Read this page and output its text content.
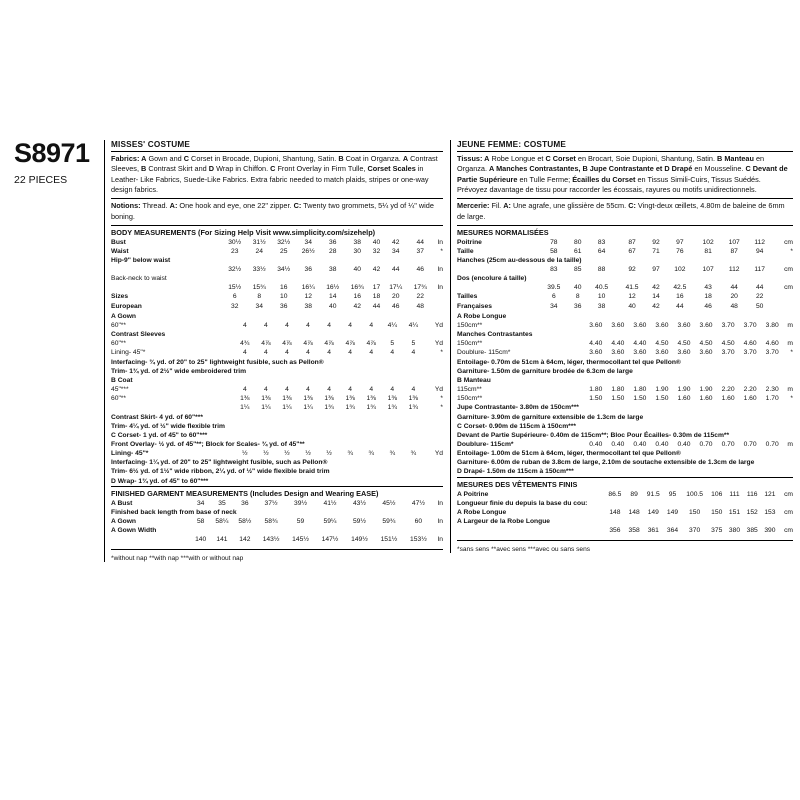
S8971
22 PIECES
MISSES' COSTUME
Fabrics: A Gown and C Corset in Brocade, Dupioni, Shantung, Satin. B Coat in Organza. A Contrast Sleeves, B Contrast Skirt and D Wrap in Chiffon. C Front Overlay in Firm Tulle, Corset Scales in Leather- Like Fabrics, Suede-Like Fabrics. Extra fabric needed to match plaids, stripes or one-way design fabrics.
Notions: Thread. A: One hook and eye, one 22" zipper. C: Twenty two grommets, 5¼ yd of ¼" wide boning.
BODY MEASUREMENTS (For Sizing Help Visit www.simplicity.com/sizehelp)
Bust	30½	31½	32½	34	36	38	40	42	44	In
Waist	23	24	25	26½	28	30	32	34	37	*
Hip-9" below waist										
	32½	33½	34½	36	38	40	42	44	46	In
Back-neck to waist										
	15½	15¾	16	16¼	16½	16¾	17	17¼	17¾	In
Sizes	6	8	10	12	14	16	18	20	22	
European	32	34	36	38	40	42	44	46	48	
A Gown										
60"**	4	4	4	4	4	4	4	4¼	4¼	Yd
Contrast Sleeves										
60"**	4¾	4⅞	4⅞	4⅞	4⅞	4⅞	4⅞	5	5	Yd
Lining- 45"*	4	4	4	4	4	4	4	4	4	*
Interfacing- ¾ yd. of 20" to 25" lightweight fusible, such as Pellon®										
Trim- 1¾ yd. of 2½" wide embroidered trim										
B Coat										
45"***	4	4	4	4	4	4	4	4	4	Yd
60"**	1⅜	1⅜	1⅜	1⅜	1⅜	1⅜	1⅜	1⅜	1⅜	*
	1¼	1¼	1¼	1¼	1¾	1¾	1¾	1¾	1¾	*
Contrast Skirt- 4 yd. of 60"***										
Trim- 4¼ yd. of ½" wide flexible trim										
C Corset- 1 yd. of 45" to 60"***										
Front Overlay- ½ yd. of 45"**; Block for Scales- ¾ yd. of 45"**										
Lining- 45"*	½	½	½	½	½	¾	¾	¾	¾	Yd
Interfacing- 1¼ yd. of 20" to 25" lightweight fusible, such as Pellon®										
Trim- 6½ yd. of 1½" wide ribbon, 2¼ yd. of ½" wide flexible braid trim										
D Wrap- 1¾ yd. of 45" to 60"***										
FINISHED GARMENT MEASUREMENTS (Includes Design and Wearing EASE)
A Bust	34	35	36	37½	39½	41½	43½	45½	47½	In
Finished back length from base of neck										
A Gown	58	58¼	58½	58¾	59	59¼	59½	59¾	60	In
A Gown Width										
	140	141	142	143½	145½	147½	149½	151½	153½	In
*without nap **with nap ***with or without nap
JEUNE FEMME: COSTUME
Tissus: A Robe Longue et C Corset en Brocart, Soie Dupioni, Shantung, Satin. B Manteau en Organza. A Manches Contrastantes, B Jupe Contrastante et D Drapé en Mousseline. C Devant de Partie Supérieure en Tulle Ferme; Écailles du Corset en Tissus Simili-Cuirs, Tissus Suédés. Prévoyez davantage de tissu pour raccorder les écossais, rayures ou motifs unidirectionnels.
Mercerie: Fil. A: Une agrafe, une glissière de 55cm. C: Vingt-deux œillets, 4.80m de baleine de 6mm de large.
MESURES NORMALISÉES
Poitrine	78	80	83	87	92	97	102	107	112	cm
Taille	58	61	64	67	71	76	81	87	94	*
Hanches (25cm au-dessous de la taille)										
	83	85	88	92	97	102	107	112	117	cm
Dos (encolure á taille)										
	39.5	40	40.5	41.5	42	42.5	43	44	44	cm
Tailles	6	8	10	12	14	16	18	20	22	
Françaises	34	36	38	40	42	44	46	48	50	
A Robe Longue										
150cm**	3.60	3.60	3.60	3.60	3.60	3.60	3.70	3.70	3.80	m
Manches Contrastantes										
150cm**	4.40	4.40	4.40	4.50	4.50	4.50	4.50	4.60	4.60	m
Doublure- 115cm*	3.60	3.60	3.60	3.60	3.60	3.60	3.70	3.70	3.70	*
Entoilage- 0.70m de 51cm à 64cm, léger, thermocollant tel que Pellon®										
Garniture- 1.50m de garniture brodée de 6.3cm de large										
B Manteau										
115cm**	1.80	1.80	1.80	1.90	1.90	1.90	2.20	2.20	2.30	m
150cm**	1.50	1.50	1.50	1.50	1.60	1.60	1.60	1.60	1.70	*
Jupe Contrastante- 3.80m de 150cm***										
Garniture- 3.90m de garniture extensible de 1.3cm de large										
C Corset- 0.90m de 115cm à 150cm***										
Devant de Partie Supérieure- 0.40m de 115cm**; Bloc Pour Écailles- 0.30m de 115cm**										
Doublure- 115cm*	0.40	0.40	0.40	0.40	0.40	0.70	0.70	0.70	0.70	m
Entoilage- 1.00m de 51cm à 64cm, léger, thermocollant tel que Pellon®										
Garniture- 6.00m de ruban de 3.8cm de large, 2.10m de soutache extensible de 1.3cm de large										
D Drapé- 1.50m de 115cm à 150cm***										
MESURES DES VÊTEMENTS FINIS
A Poitrine	86.5	89	91.5	95	100.5	106	111	116	121	cm
Longueur finie du depuis la base du cou:										
A Robe Longue	148	148	149	149	150	150	151	152	153	cm
A Largeur de la Robe Longue										
	356	358	361	364	370	375	380	385	390	cm
*sans sens **avec sens ***avec ou sans sens
